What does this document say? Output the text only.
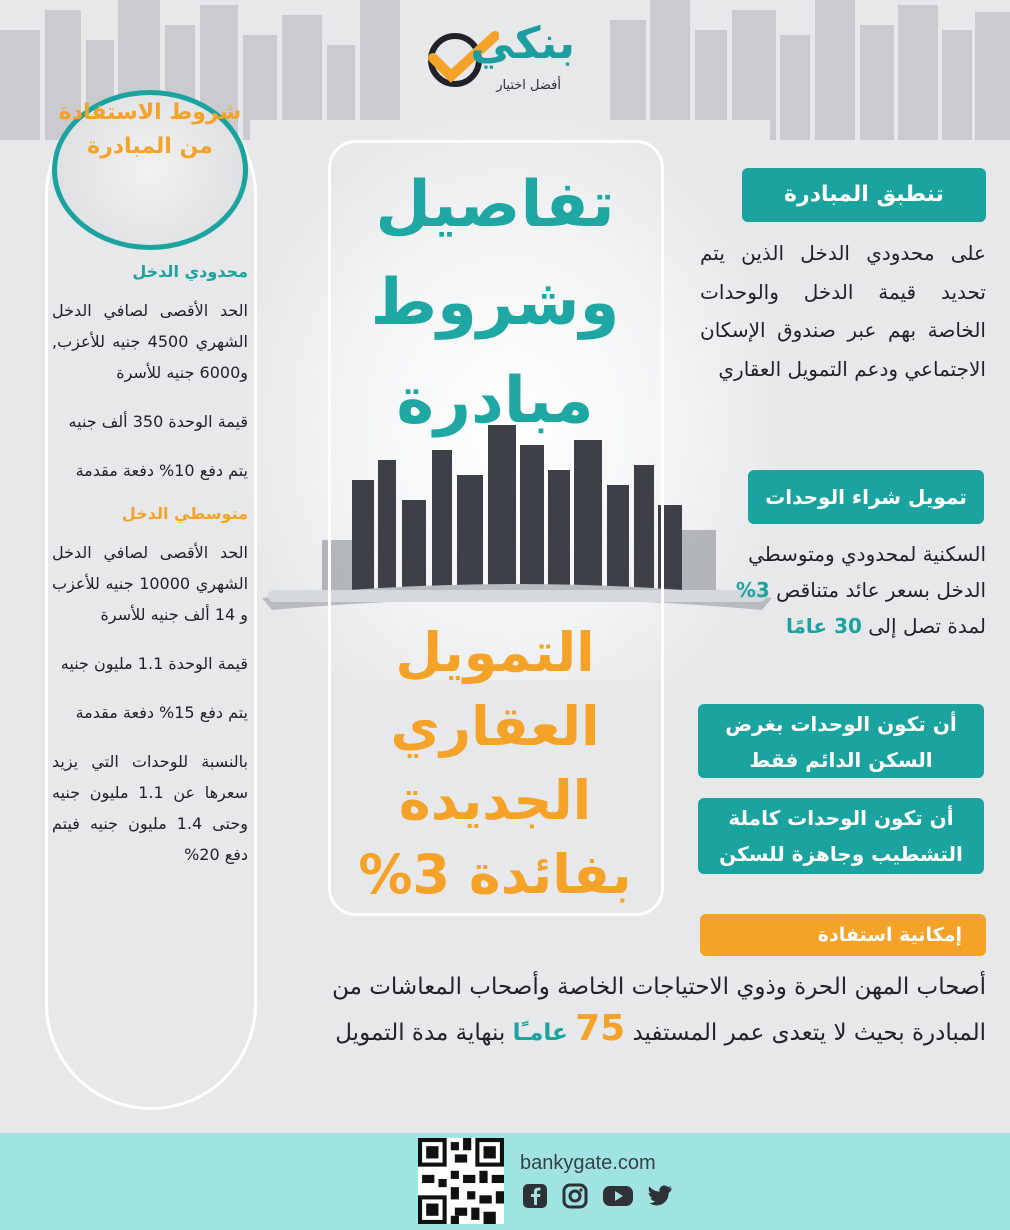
بنكي
أفضل اختيار
تفاصيل
وشروط
مبادرة
التمويل
العقاري
الجديدة
بفائدة 3%
شروط الاستفادة من المبادرة

محدودي الدخل

الحد الأقصى لصافي الدخل الشهري 4500 جنيه للأعزب, و6000 جنيه للأسرة

قيمة الوحدة 350 ألف جنيه

يتم دفع 10% دفعة مقدمة

متوسطي الدخل

الحد الأقصى لصافي الدخل الشهري 10000 جنيه للأعزب و 14 ألف جنيه للأسرة

قيمة الوحدة 1.1 مليون جنيه

يتم دفع 15% دفعة مقدمة

بالنسبة للوحدات التي يزيد سعرها عن 1.1 مليون جنيه وحتى 1.4 مليون جنيه فيتم دفع 20%

تنطبق المبادرة

على محدودي الدخل الذين يتم تحديد قيمة الدخل والوحدات الخاصة بهم عبر صندوق الإسكان الاجتماعي ودعم التمويل العقاري

تمويل شراء الوحدات
السكنية لمحدودي ومتوسطي الدخل بسعر عائد متناقص 3%
لمدة تصل إلى 30 عامًا
أن تكون الوحدات بغرض السكن الدائم فقط
أن تكون الوحدات كاملة التشطيب وجاهزة للسكن
إمكانية استفادة

أصحاب المهن الحرة وذوي الاحتياجات الخاصة وأصحاب المعاشات من المبادرة بحيث لا يتعدى عمر المستفيد 75 عامـًا بنهاية مدة التمويل

bankygate.com
